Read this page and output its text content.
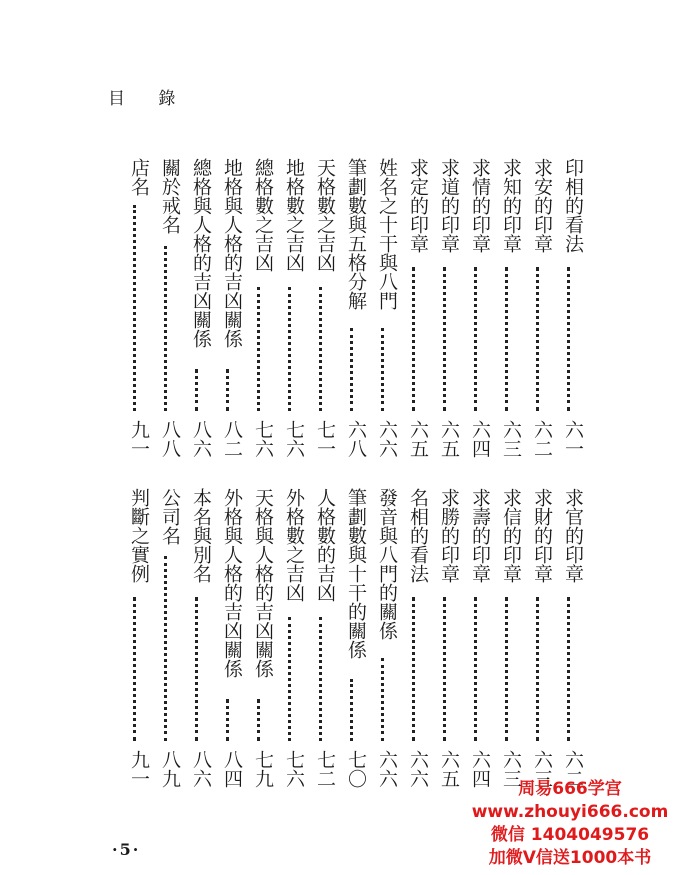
目 錄
印相的看法
六一
求安的印章
六二
求知的印章
六三
求情的印章
六四
求道的印章
六五
求定的印章
六五
姓名之十干與八門
六六
筆劃數與五格分解
六八
天格數之吉凶
七一
地格數之吉凶
七六
總格數之吉凶
七六
地格與人格的吉凶關係
八二
總格與人格的吉凶關係
八六
關於戒名
八八
店名
九一
求官的印章
六二
求財的印章
六三
求信的印章
六三
求壽的印章
六四
求勝的印章
六五
名相的看法
六六
發音與八門的關係
六六
筆劃數與十干的關係
七〇
人格數的吉凶
七二
外格數之吉凶
七六
天格與人格的吉凶關係
七九
外格與人格的吉凶關係
八四
本名與別名
八六
公司名
八九
判斷之實例
九一
·5·
周易666学宫
www.zhouyi666.com
微信 1404049576
加微V信送1000本书
